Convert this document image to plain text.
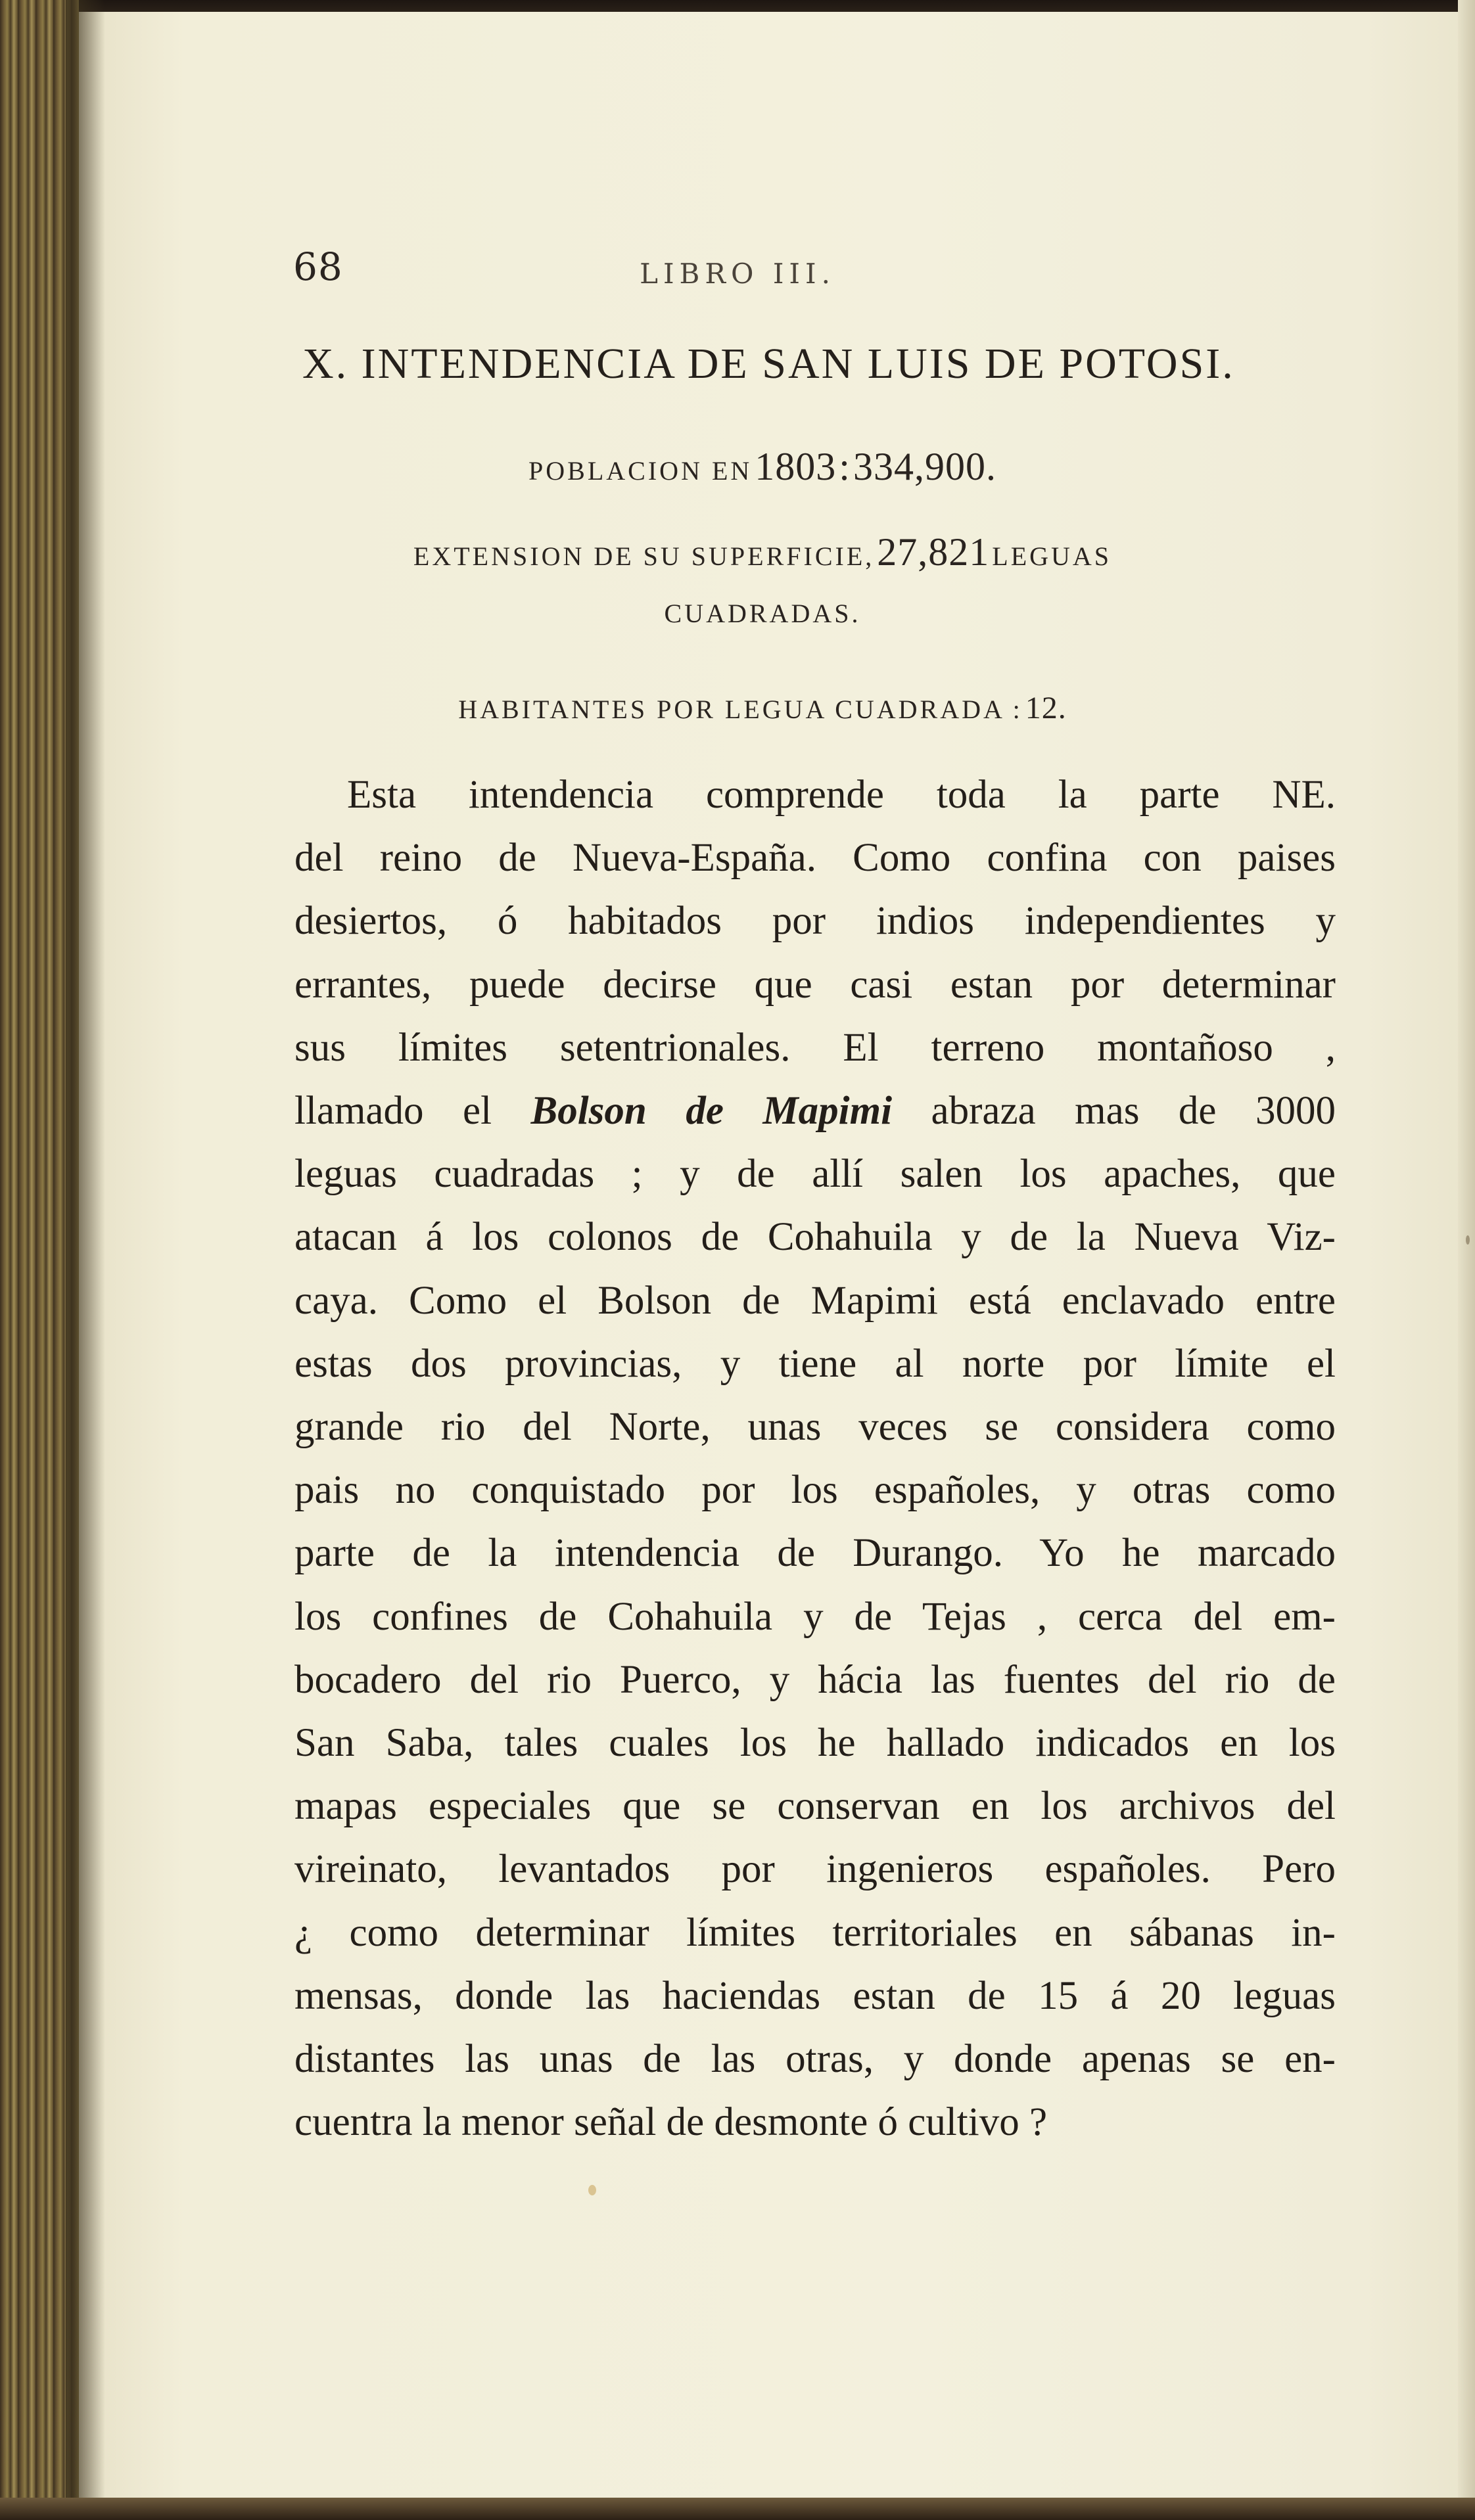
68	LIBRO III.
X. INTENDENCIA DE SAN LUIS DE POTOSI.
POBLACION EN 1803 : 334,900.
EXTENSION DE SU SUPERFICIE, 27,821 LEGUAS
CUADRADAS.
HABITANTES POR LEGUA CUADRADA : 12.
Esta intendencia comprende toda la parte NE.
del reino de Nueva-España. Como confina con paises
desiertos, ó habitados por indios independientes y
errantes, puede decirse que casi estan por determinar
sus límites setentrionales. El terreno montañoso ,
llamado el Bolson de Mapimi abraza mas de 3000
leguas cuadradas ; y de allí salen los apaches, que
atacan á los colonos de Cohahuila y de la Nueva Viz-
caya. Como el Bolson de Mapimi está enclavado entre
estas dos provincias, y tiene al norte por límite el
grande rio del Norte, unas veces se considera como
pais no conquistado por los españoles, y otras como
parte de la intendencia de Durango. Yo he marcado
los confines de Cohahuila y de Tejas , cerca del em-
bocadero del rio Puerco, y hácia las fuentes del rio de
San Saba, tales cuales los he hallado indicados en los
mapas especiales que se conservan en los archivos del
vireinato, levantados por ingenieros españoles. Pero
¿ como determinar límites territoriales en sábanas in-
mensas, donde las haciendas estan de 15 á 20 leguas
distantes las unas de las otras, y donde apenas se en-
cuentra la menor señal de desmonte ó cultivo ?
